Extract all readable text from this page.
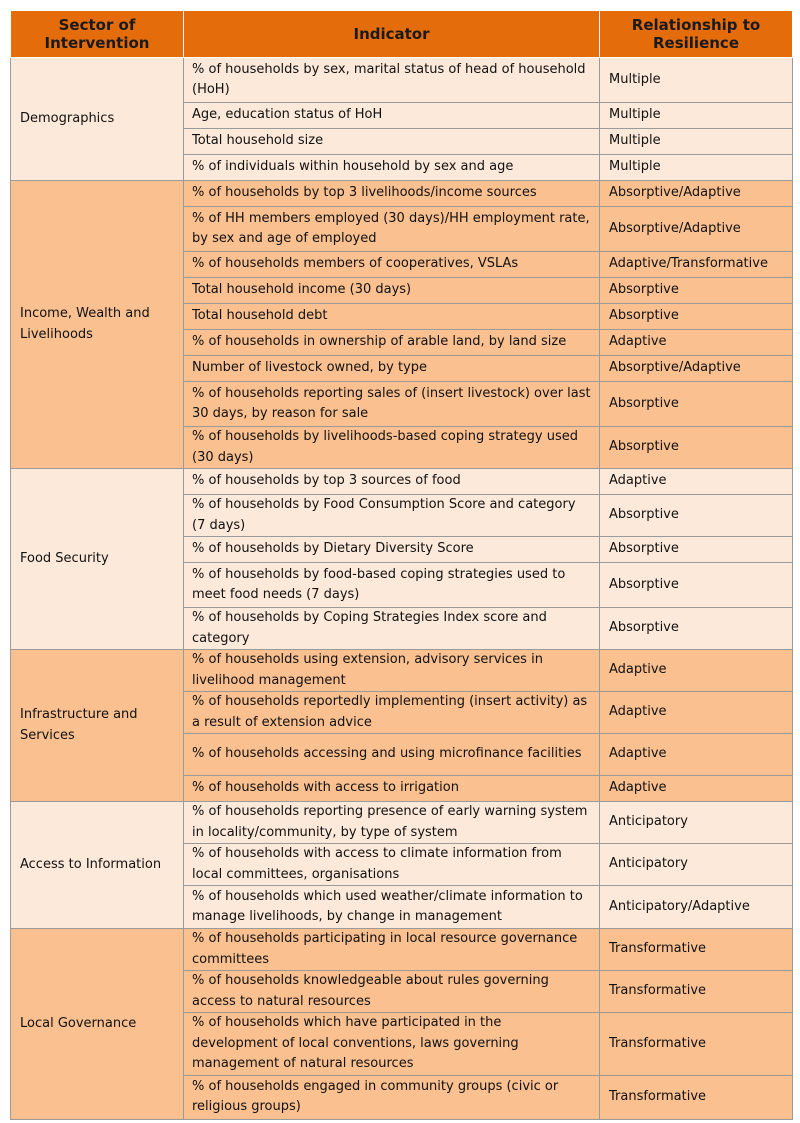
Sector of Intervention	Indicator	Relationship to Resilience
Demographics	% of households by sex, marital status of head of household (HoH)	Multiple
	Age, education status of HoH	Multiple
	Total household size	Multiple
	% of individuals within household by sex and age	Multiple
Income, Wealth and Livelihoods	% of households by top 3 livelihoods/income sources	Absorptive/Adaptive
	% of HH members employed (30 days)/HH employment rate, by sex and age of employed	Absorptive/Adaptive
	% of households members of cooperatives, VSLAs	Adaptive/Transformative
	Total household income (30 days)	Absorptive
	Total household debt	Absorptive
	% of households in ownership of arable land, by land size	Adaptive
	Number of livestock owned, by type	Absorptive/Adaptive
	% of households reporting sales of (insert livestock) over last 30 days, by reason for sale	Absorptive
	% of households by livelihoods-based coping strategy used (30 days)	Absorptive
Food Security	% of households by top 3 sources of food	Adaptive
	% of households by Food Consumption Score and category (7 days)	Absorptive
	% of households by Dietary Diversity Score	Absorptive
	% of households by food-based coping strategies used to meet food needs (7 days)	Absorptive
	% of households by Coping Strategies Index score and category	Absorptive
Infrastructure and Services	% of households using extension, advisory services in livelihood management	Adaptive
	% of households reportedly implementing (insert activity) as a result of extension advice	Adaptive
	% of households accessing and using microfinance facilities	Adaptive
	% of households with access to irrigation	Adaptive
Access to Information	% of households reporting presence of early warning system in locality/community, by type of system	Anticipatory
	% of households with access to climate information from local committees, organisations	Anticipatory
	% of households which used weather/climate information to manage livelihoods, by change in management	Anticipatory/Adaptive
Local Governance	% of households participating in local resource governance committees	Transformative
	% of households knowledgeable about rules governing access to natural resources	Transformative
	% of households which have participated in the development of local conventions, laws governing management of natural resources	Transformative
	% of households engaged in community groups (civic or religious groups)	Transformative
